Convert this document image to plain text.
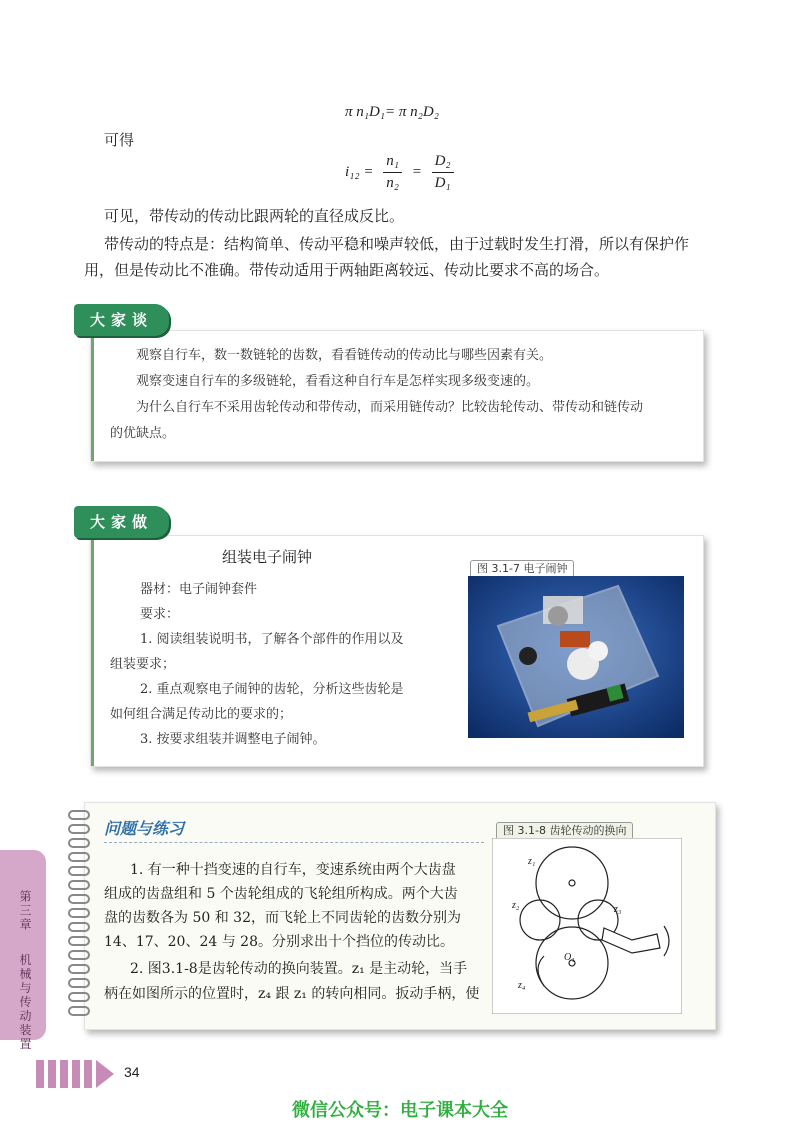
π n₁D₁= π n₂D₂
可得
$i_{12} = \frac{\text{n₁}}{\text{n₂}} = \frac{\text{D₂}}{\text{D₁}}$
可见，带传动的传动比跟两轮的直径成反比。
带传动的特点是：结构简单、传动平稳和噪声较低，由于过载时发生打滑，所以有保护作
用，但是传动比不准确。带传动适用于两轴距离较远、传动比要求不高的场合。
大家谈
观察自行车，数一数链轮的齿数，看看链传动的传动比与哪些因素有关。
观察变速自行车的多级链轮，看看这种自行车是怎样实现多级变速的。
为什么自行车不采用齿轮传动和带传动，而采用链传动？比较齿轮传动、带传动和链传动
的优缺点。
大家做
组装电子闹钟
器材：电子闹钟套件
要求：
1. 阅读组装说明书，了解各个部件的作用以及
组装要求；
2. 重点观察电子闹钟的齿轮，分析这些齿轮是
如何组合满足传动比的要求的；
3. 按要求组装并调整电子闹钟。
图 3.1-7 电子闹钟
问题与练习
1. 有一种十挡变速的自行车，变速系统由两个大齿盘
组成的齿盘组和 5 个齿轮组成的飞轮组所构成。两个大齿
盘的齿数各为 50 和 32，而飞轮上不同齿轮的齿数分别为
14、17、20、24 与 28。分别求出十个挡位的传动比。
2. 图3.1-8是齿轮传动的换向装置。z₁ 是主动轮，当手
柄在如图所示的位置时，z₄ 跟 z₁ 的转向相同。扳动手柄，使
图 3.1-8 齿轮传动的换向
z₁
z₂	z₃
z₄
O₁
第三章  机械与传动装置
34
微信公众号：电子课本大全
